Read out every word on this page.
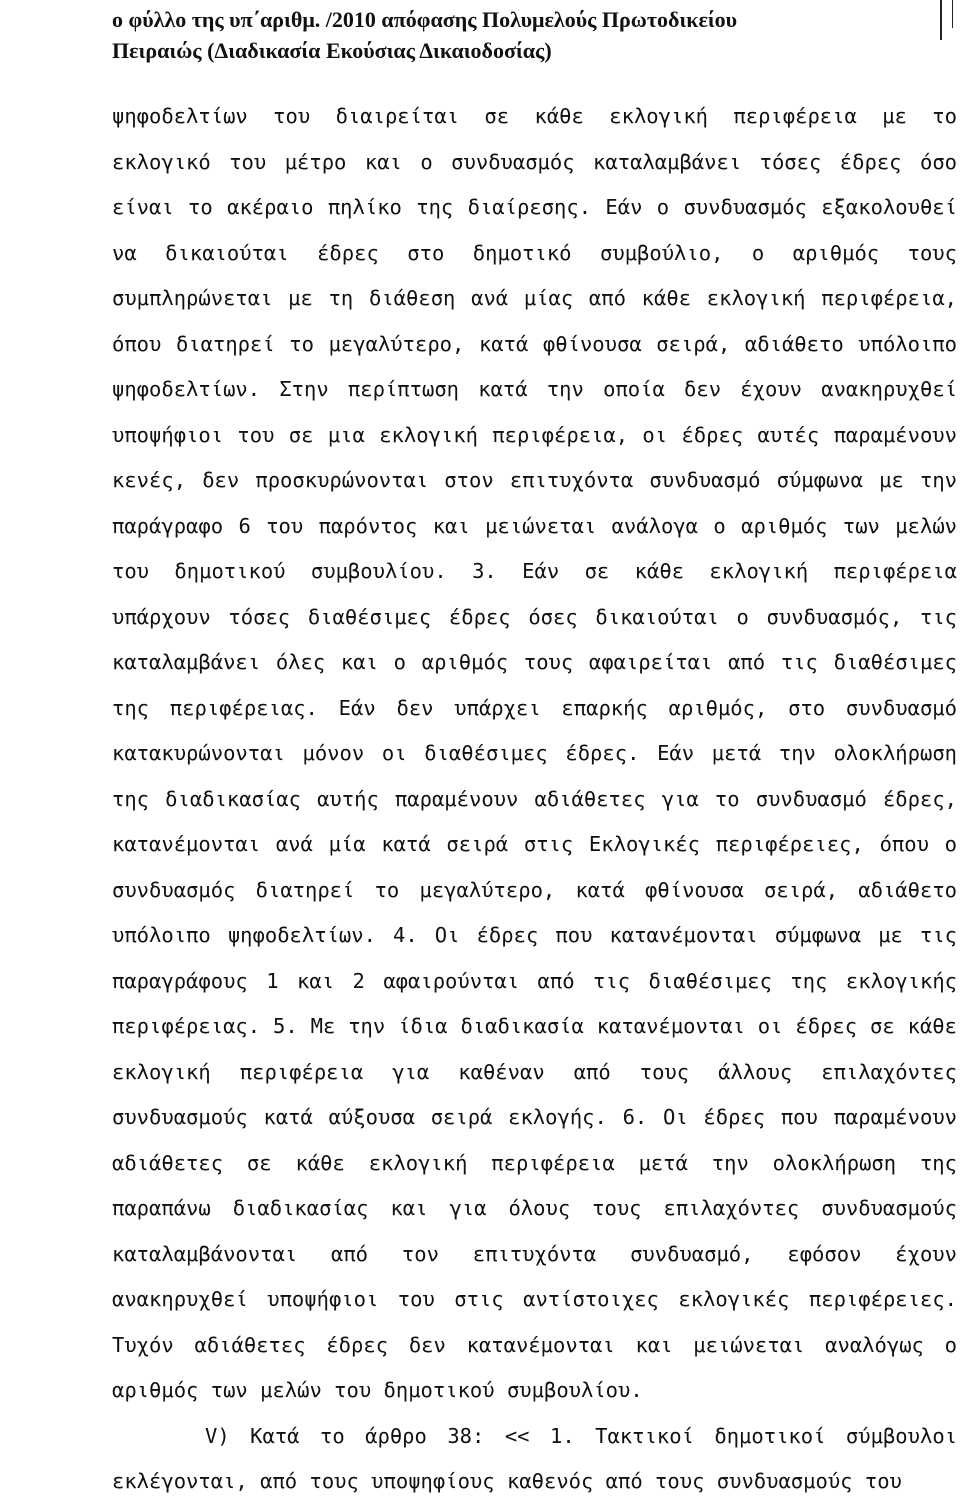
ο φύλλο της υπ΄αριθμ. /2010 απόφασης Πολυμελούς Πρωτοδικείου
Πειραιώς (Διαδικασία Εκούσιας Δικαιοδοσίας)

ψηφοδελτίων του διαιρείται σε κάθε εκλογική περιφέρεια με το εκλογικό του μέτρο και ο συνδυασμός καταλαμβάνει τόσες έδρες όσο είναι το ακέραιο πηλίκο της διαίρεσης. Εάν ο συνδυασμός εξακολουθεί να δικαιούται έδρες στο δημοτικό συμβούλιο, ο αριθμός τους συμπληρώνεται με τη διάθεση ανά μίας από κάθε εκλογική περιφέρεια, όπου διατηρεί το μεγαλύτερο, κατά φθίνουσα σειρά, αδιάθετο υπόλοιπο ψηφοδελτίων. Στην περίπτωση κατά την οποία δεν έχουν ανακηρυχθεί υποψήφιοι του σε μια εκλογική περιφέρεια, οι έδρες αυτές παραμένουν κενές, δεν προσκυρώνονται στον επιτυχόντα συνδυασμό σύμφωνα με την παράγραφο 6 του παρόντος και μειώνεται ανάλογα ο αριθμός των μελών του δημοτικού συμβουλίου. 3. Εάν σε κάθε εκλογική περιφέρεια υπάρχουν τόσες διαθέσιμες έδρες όσες δικαιούται ο συνδυασμός, τις καταλαμβάνει όλες και ο αριθμός τους αφαιρείται από τις διαθέσιμες της περιφέρειας. Εάν δεν υπάρχει επαρκής αριθμός, στο συνδυασμό κατακυρώνονται μόνον οι διαθέσιμες έδρες. Εάν μετά την ολοκλήρωση της διαδικασίας αυτής παραμένουν αδιάθετες για το συνδυασμό έδρες, κατανέμονται ανά μία κατά σειρά στις Εκλογικές περιφέρειες, όπου ο συνδυασμός διατηρεί το μεγαλύτερο, κατά φθίνουσα σειρά, αδιάθετο υπόλοιπο ψηφοδελτίων. 4. Οι έδρες που κατανέμονται σύμφωνα με τις παραγράφους 1 και 2 αφαιρούνται από τις διαθέσιμες της εκλογικής περιφέρειας. 5. Με την ίδια διαδικασία κατανέμονται οι έδρες σε κάθε εκλογική περιφέρεια για καθέναν από τους άλλους επιλαχόντες συνδυασμούς κατά αύξουσα σειρά εκλογής. 6. Οι έδρες που παραμένουν αδιάθετες σε κάθε εκλογική περιφέρεια μετά την ολοκλήρωση της παραπάνω διαδικασίας και για όλους τους επιλαχόντες συνδυασμούς καταλαμβάνονται από τον επιτυχόντα συνδυασμό, εφόσον έχουν ανακηρυχθεί υποψήφιοι του στις αντίστοιχες εκλογικές περιφέρειες. Τυχόν αδιάθετες έδρες δεν κατανέμονται και μειώνεται αναλόγως ο αριθμός των μελών του δημοτικού συμβουλίου.

V) Κατά το άρθρο 38: << 1. Τακτικοί δημοτικοί σύμβουλοι εκλέγονται, από τους υποψηφίους καθενός από τους συνδυασμούς του
